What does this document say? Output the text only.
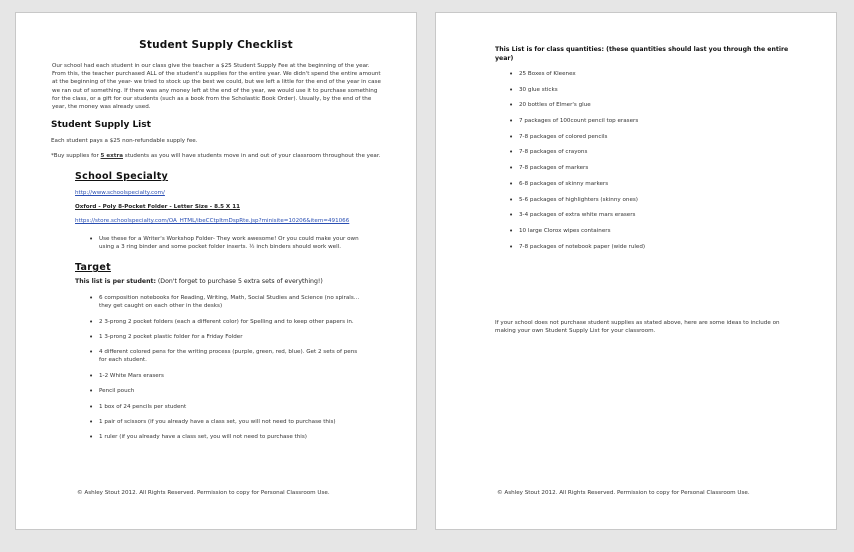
Student Supply Checklist
Our school had each student in our class give the teacher a $25 Student Supply Fee at the beginning of the year. From this, the teacher purchased ALL of the student's supplies for the entire year. We didn't spend the entire amount at the beginning of the year- we tried to stock up the best we could, but we left a little for the end of the year in case we ran out of something. If there was any money left at the end of the year, we would use it to purchase something for the class, or a gift for our students (such as a book from the Scholastic Book Order). Usually, by the end of the year, the money was already used.
Student Supply List
Each student pays a $25 non-refundable supply fee.
*Buy supplies for 5 extra students as you will have students move in and out of your classroom throughout the year.
School Specialty
http://www.schoolspecialty.com/
Oxford - Poly 8-Pocket Folder - Letter Size - 8.5 X 11
https://store.schoolspecialty.com/OA_HTML/ibeCCtpItmDspRte.jsp?minisite=10206&item=491066
• Use these for a Writer's Workshop Folder- They work awesome! Or you could make your own using a 3 ring binder and some pocket folder inserts. ½ inch binders should work well.
Target
This list is per student: (Don't forget to purchase 5 extra sets of everything!)
• 6 composition notebooks for Reading, Writing, Math, Social Studies and Science (no spirals…they get caught on each other in the desks)
• 2 3-prong 2 pocket folders (each a different color) for Spelling and to keep other papers in.
• 1 3-prong 2 pocket plastic folder for a Friday Folder
• 4 different colored pens for the writing process (purple, green, red, blue). Get 2 sets of pens for each student.
• 1-2 White Mars erasers
• Pencil pouch
• 1 box of 24 pencils per student
• 1 pair of scissors (if you already have a class set, you will not need to purchase this)
• 1 ruler (if you already have a class set, you will not need to purchase this)
© Ashley Stout 2012. All Rights Reserved. Permission to copy for Personal Classroom Use.
This List is for class quantities: (these quantities should last you through the entire year)
• 25 Boxes of Kleenex
• 30 glue sticks
• 20 bottles of Elmer's glue
• 7 packages of 100count pencil top erasers
• 7-8 packages of colored pencils
• 7-8 packages of crayons
• 7-8 packages of markers
• 6-8 packages of skinny markers
• 5-6 packages of highlighters (skinny ones)
• 3-4 packages of extra white mars erasers
• 10 large Clorox wipes containers
• 7-8 packages of notebook paper (wide ruled)
If your school does not purchase student supplies as stated above, here are some ideas to include on making your own Student Supply List for your classroom.
© Ashley Stout 2012. All Rights Reserved. Permission to copy for Personal Classroom Use.
